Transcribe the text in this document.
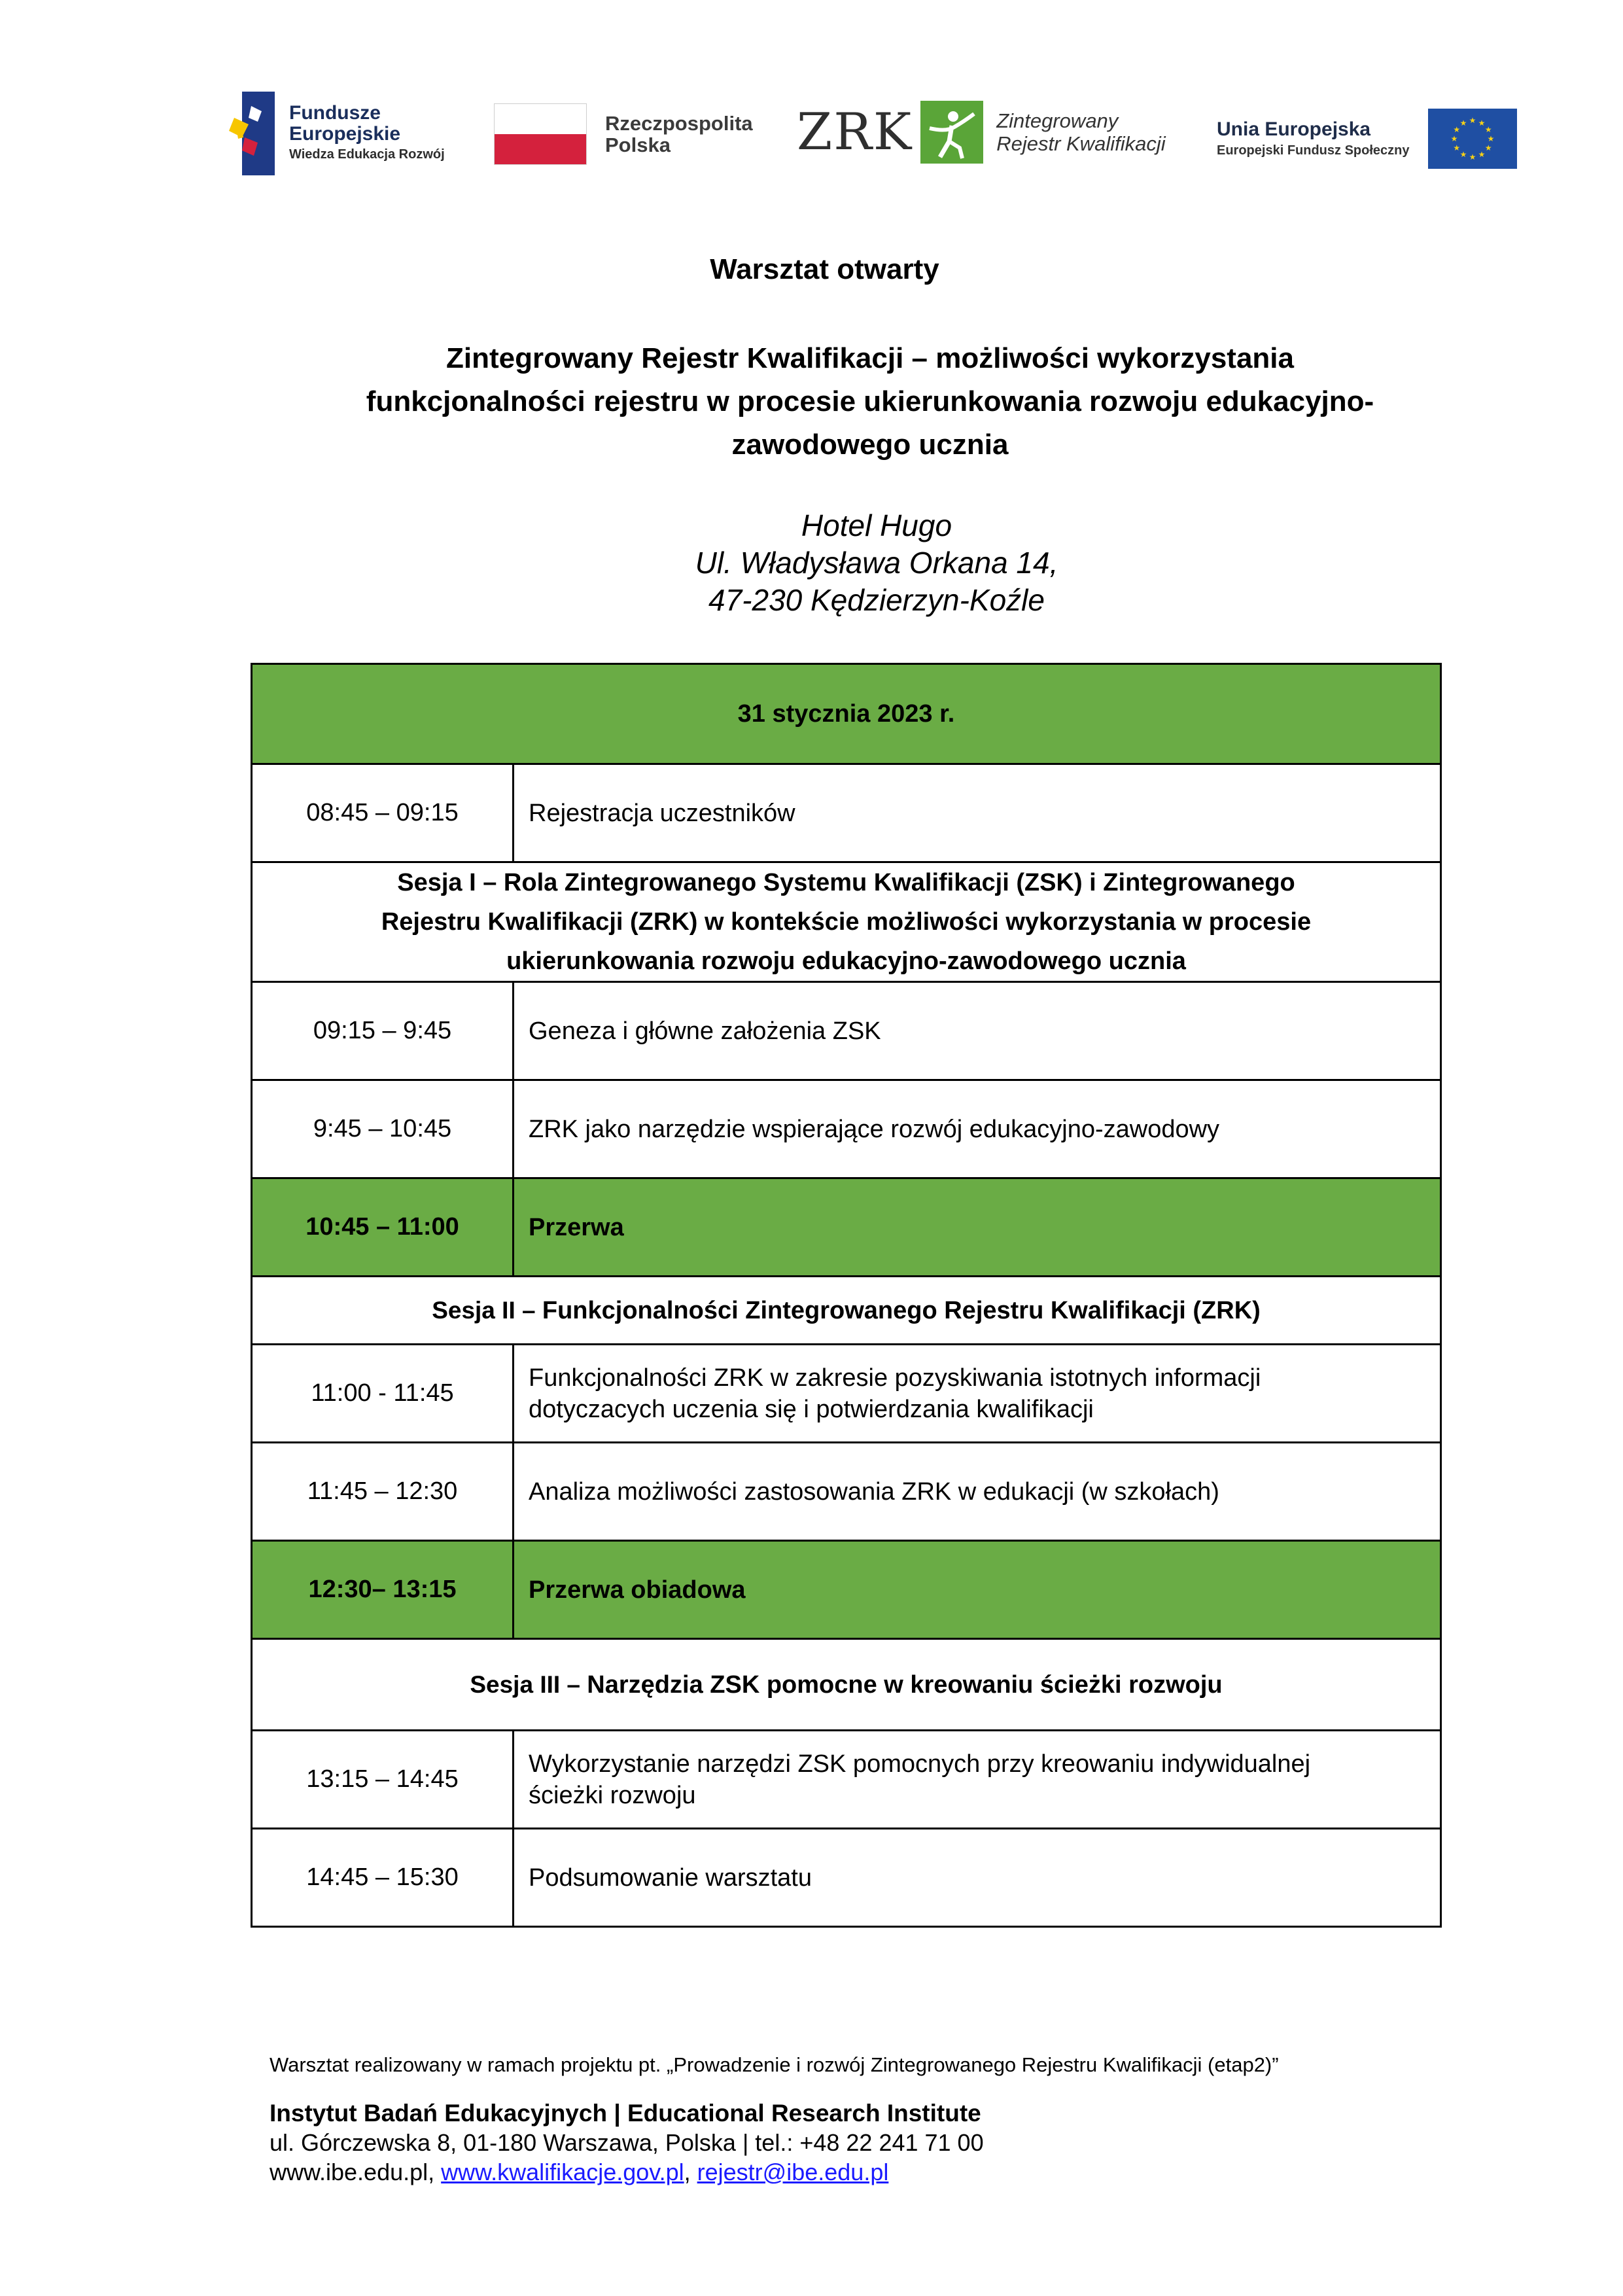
Fundusze
Europejskie
Wiedza Edukacja Rozwój
Rzeczpospolita
Polska	ZRK	Zintegrowany
Rejestr Kwalifikacji
Unia Europejska
Europejski Fundusz Społeczny
★
★
★
★
★
★
★
★
★ ★ ★
★
Warsztat otwarty
Zintegrowany Rejestr Kwalifikacji – możliwości wykorzystania
funkcjonalności rejestru w procesie ukierunkowania rozwoju edukacyjno-
zawodowego ucznia
Hotel Hugo
Ul. Władysława Orkana 14,
47-230 Kędzierzyn-Koźle
31 stycznia 2023 r.	
08:45 – 09:15	Rejestracja uczestników

Sesja I – Rola Zintegrowanego Systemu Kwalifikacji (ZSK) i Zintegrowanego
Rejestru Kwalifikacji (ZRK) w kontekście możliwości wykorzystania w procesie
ukierunkowania rozwoju edukacyjno-zawodowego ucznia	

09:15 – 9:45	Geneza i główne założenia ZSK
9:45 – 10:45	ZRK jako narzędzie wspierające rozwój edukacyjno-zawodowy
10:45 – 11:00	Przerwa
Sesja II – Funkcjonalności Zintegrowanego Rejestru Kwalifikacji (ZRK)	
11:00 - 11:45	Funkcjonalności ZRK w zakresie pozyskiwania istotnych informacji
dotyczacych uczenia się i potwierdzania kwalifikacji

11:45 – 12:30	Analiza możliwości zastosowania ZRK w edukacji (w szkołach)
12:30– 13:15	Przerwa obiadowa
Sesja III – Narzędzia ZSK pomocne w kreowaniu ścieżki rozwoju	
13:15 – 14:45	Wykorzystanie narzędzi ZSK pomocnych przy kreowaniu indywidualnej
ścieżki rozwoju

14:45 – 15:30	Podsumowanie warsztatu
Warsztat realizowany w ramach projektu pt. „Prowadzenie i rozwój Zintegrowanego Rejestru Kwalifikacji (etap2)”
Instytut Badań Edukacyjnych | Educational Research Institute
ul. Górczewska 8, 01-180 Warszawa, Polska | tel.: +48 22 241 71 00
www.ibe.edu.pl, www.kwalifikacje.gov.pl, rejestr@ibe.edu.pl
